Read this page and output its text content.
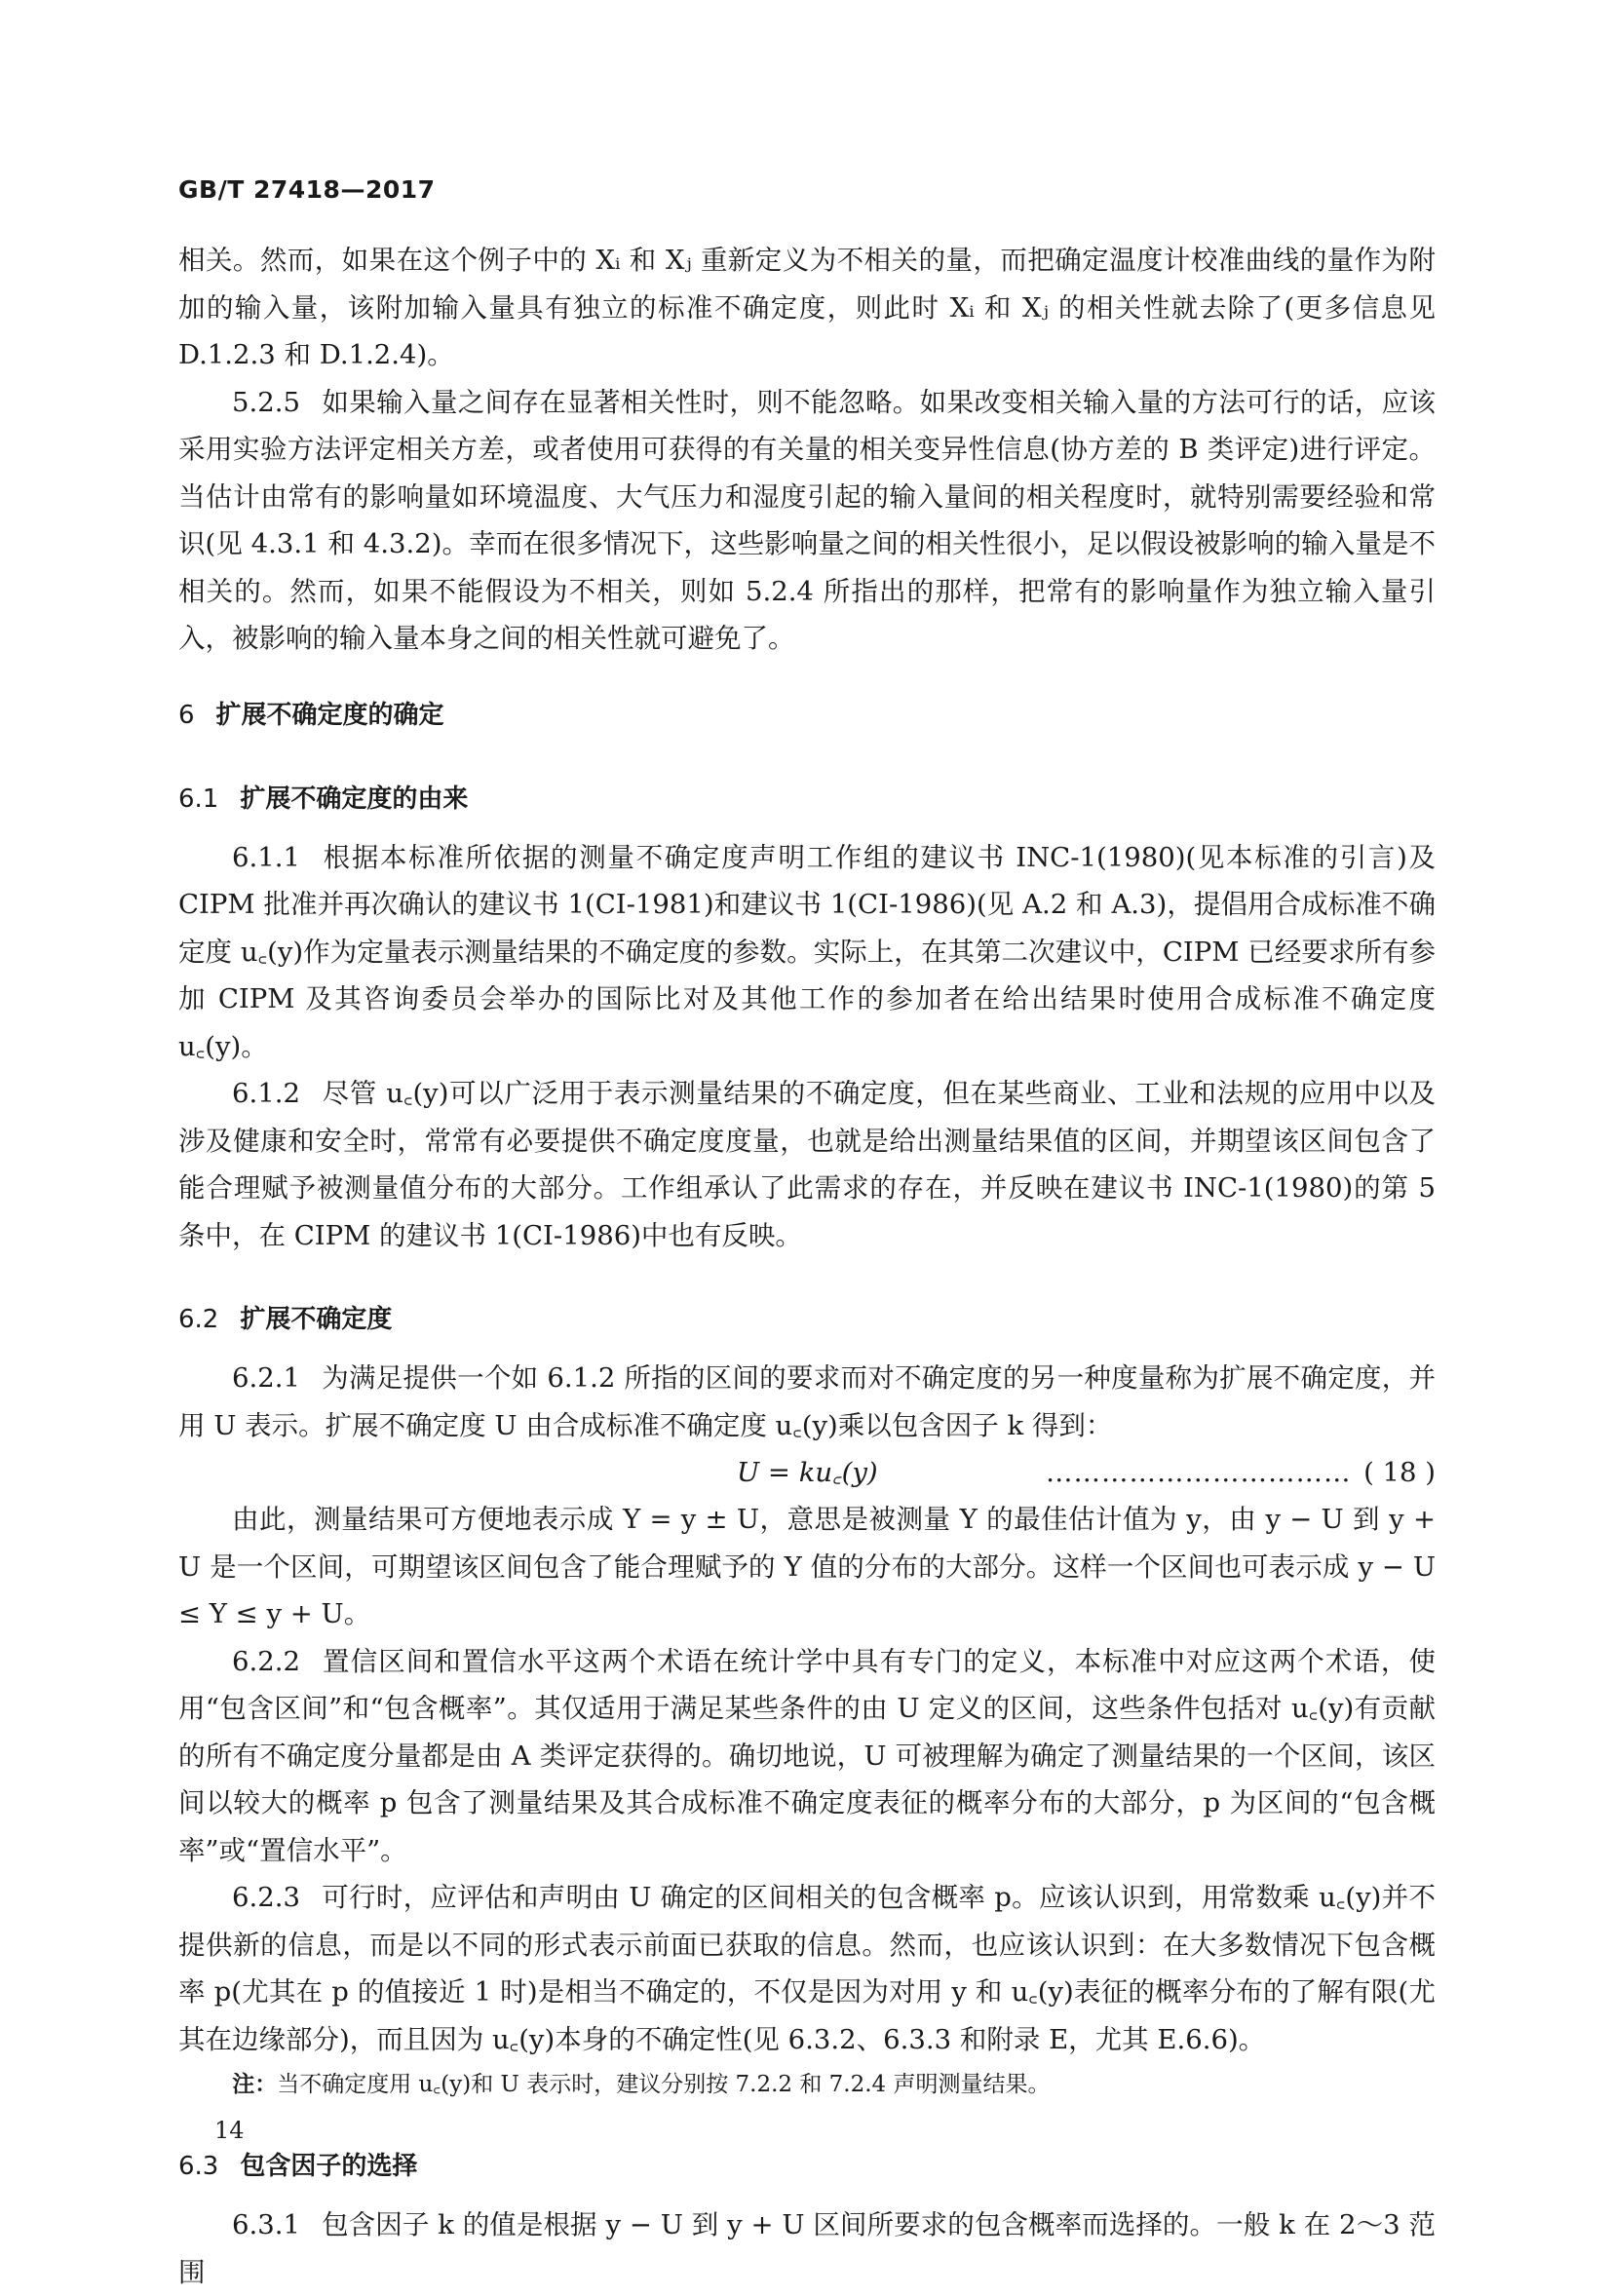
GB/T 27418—2017

相关。然而，如果在这个例子中的 Xᵢ 和 Xⱼ 重新定义为不相关的量，而把确定温度计校准曲线的量作为附加的输入量，该附加输入量具有独立的标准不确定度，则此时 Xᵢ 和 Xⱼ 的相关性就去除了(更多信息见 D.1.2.3 和 D.1.2.4)。

5.2.5 如果输入量之间存在显著相关性时，则不能忽略。如果改变相关输入量的方法可行的话，应该采用实验方法评定相关方差，或者使用可获得的有关量的相关变异性信息(协方差的 B 类评定)进行评定。当估计由常有的影响量如环境温度、大气压力和湿度引起的输入量间的相关程度时，就特别需要经验和常识(见 4.3.1 和 4.3.2)。幸而在很多情况下，这些影响量之间的相关性很小，足以假设被影响的输入量是不相关的。然而，如果不能假设为不相关，则如 5.2.4 所指出的那样，把常有的影响量作为独立输入量引入，被影响的输入量本身之间的相关性就可避免了。

6 扩展不确定度的确定
6.1 扩展不确定度的由来

6.1.1 根据本标准所依据的测量不确定度声明工作组的建议书 INC-1(1980)(见本标准的引言)及 CIPM 批准并再次确认的建议书 1(CI-1981)和建议书 1(CI-1986)(见 A.2 和 A.3)，提倡用合成标准不确定度 u꜀(y)作为定量表示测量结果的不确定度的参数。实际上，在其第二次建议中，CIPM 已经要求所有参加 CIPM 及其咨询委员会举办的国际比对及其他工作的参加者在给出结果时使用合成标准不确定度 u꜀(y)。

6.1.2 尽管 u꜀(y)可以广泛用于表示测量结果的不确定度，但在某些商业、工业和法规的应用中以及涉及健康和安全时，常常有必要提供不确定度度量，也就是给出测量结果值的区间，并期望该区间包含了能合理赋予被测量值分布的大部分。工作组承认了此需求的存在，并反映在建议书 INC-1(1980)的第 5 条中，在 CIPM 的建议书 1(CI-1986)中也有反映。

6.2 扩展不确定度

6.2.1 为满足提供一个如 6.1.2 所指的区间的要求而对不确定度的另一种度量称为扩展不确定度，并用 U 表示。扩展不确定度 U 由合成标准不确定度 u꜀(y)乘以包含因子 k 得到：

U = ku꜀(y)	…………………………… ( 18 )

由此，测量结果可方便地表示成 Y = y ± U，意思是被测量 Y 的最佳估计值为 y，由 y − U 到 y + U 是一个区间，可期望该区间包含了能合理赋予的 Y 值的分布的大部分。这样一个区间也可表示成 y − U ≤ Y ≤ y + U。

6.2.2 置信区间和置信水平这两个术语在统计学中具有专门的定义，本标准中对应这两个术语，使用“包含区间”和“包含概率”。其仅适用于满足某些条件的由 U 定义的区间，这些条件包括对 u꜀(y)有贡献的所有不确定度分量都是由 A 类评定获得的。确切地说，U 可被理解为确定了测量结果的一个区间，该区间以较大的概率 p 包含了测量结果及其合成标准不确定度表征的概率分布的大部分，p 为区间的“包含概率”或“置信水平”。

6.2.3 可行时，应评估和声明由 U 确定的区间相关的包含概率 p。应该认识到，用常数乘 u꜀(y)并不提供新的信息，而是以不同的形式表示前面已获取的信息。然而，也应该认识到：在大多数情况下包含概率 p(尤其在 p 的值接近 1 时)是相当不确定的，不仅是因为对用 y 和 u꜀(y)表征的概率分布的了解有限(尤其在边缘部分)，而且因为 u꜀(y)本身的不确定性(见 6.3.2、6.3.3 和附录 E，尤其 E.6.6)。

注：当不确定度用 u꜀(y)和 U 表示时，建议分别按 7.2.2 和 7.2.4 声明测量结果。

6.3 包含因子的选择

6.3.1 包含因子 k 的值是根据 y − U 到 y + U 区间所要求的包含概率而选择的。一般 k 在 2～3 范围

14
